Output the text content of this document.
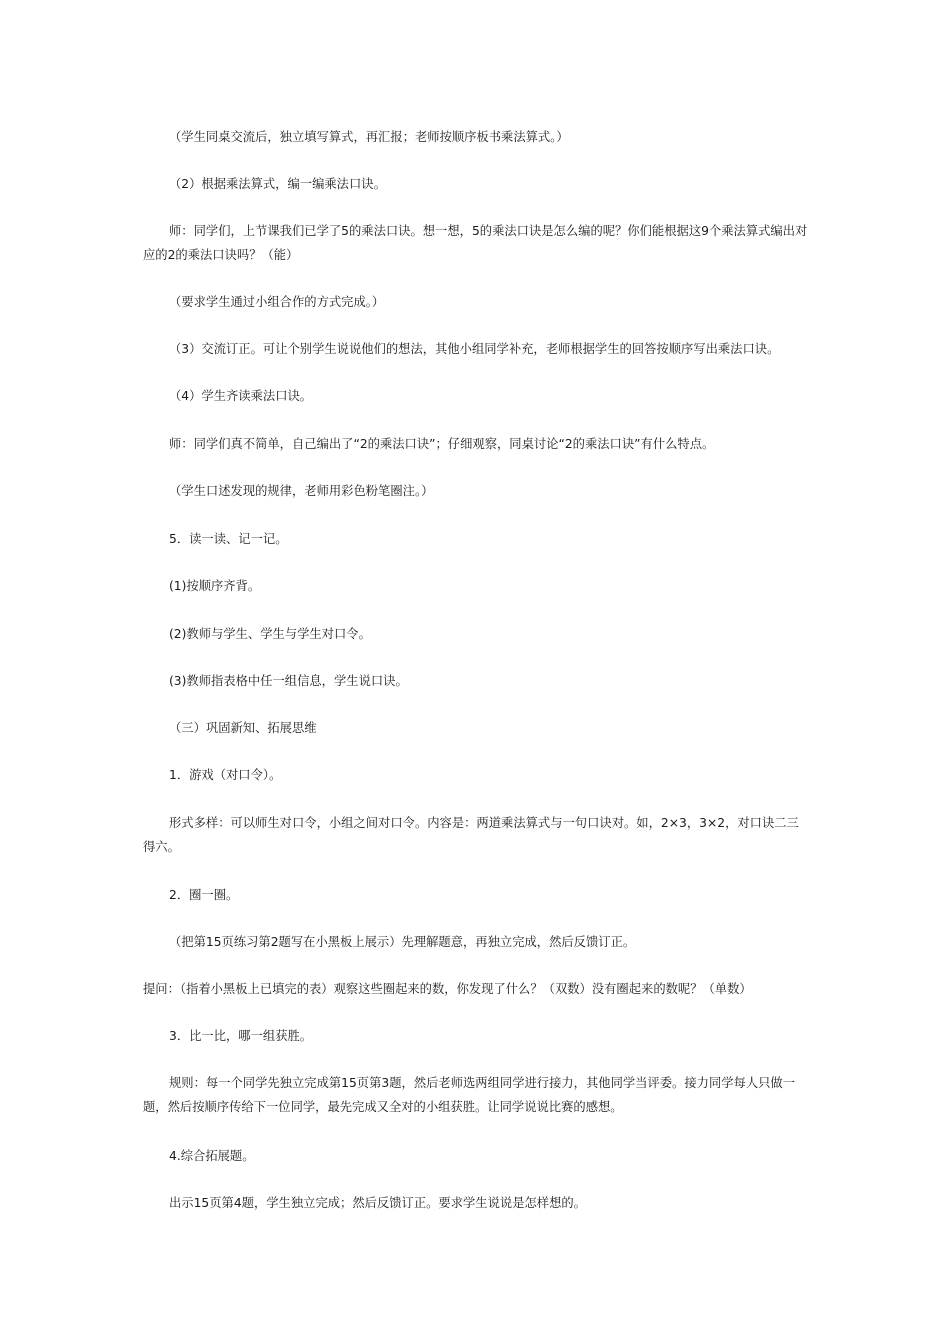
（学生同桌交流后，独立填写算式，再汇报；老师按顺序板书乘法算式。）

（2）根据乘法算式，编一编乘法口诀。

师：同学们，上节课我们已学了5的乘法口诀。想一想，5的乘法口诀是怎么编的呢？你们能根据这9个乘法算式编出对应的2的乘法口诀吗？（能）

（要求学生通过小组合作的方式完成。）

（3）交流订正。可让个别学生说说他们的想法，其他小组同学补充，老师根据学生的回答按顺序写出乘法口诀。

（4）学生齐读乘法口诀。

师：同学们真不简单，自己编出了“2的乘法口诀”；仔细观察，同桌讨论“2的乘法口诀”有什么特点。

（学生口述发现的规律，老师用彩色粉笔圈注。）

5．读一读、记一记。

(1)按顺序齐背。

(2)教师与学生、学生与学生对口令。

(3)教师指表格中任一组信息，学生说口诀。

（三）巩固新知、拓展思维

1．游戏（对口令）。

形式多样：可以师生对口令，小组之间对口令。内容是：两道乘法算式与一句口诀对。如，2×3，3×2，对口诀二三得六。

2．圈一圈。

（把第15页练习第2题写在小黑板上展示）先理解题意，再独立完成，然后反馈订正。

提问：（指着小黑板上已填完的表）观察这些圈起来的数，你发现了什么？（双数）没有圈起来的数呢？（单数）

3．比一比，哪一组获胜。

规则：每一个同学先独立完成第15页第3题，然后老师选两组同学进行接力，其他同学当评委。接力同学每人只做一题，然后按顺序传给下一位同学，最先完成又全对的小组获胜。让同学说说比赛的感想。

4.综合拓展题。

出示15页第4题，学生独立完成；然后反馈订正。要求学生说说是怎样想的。
